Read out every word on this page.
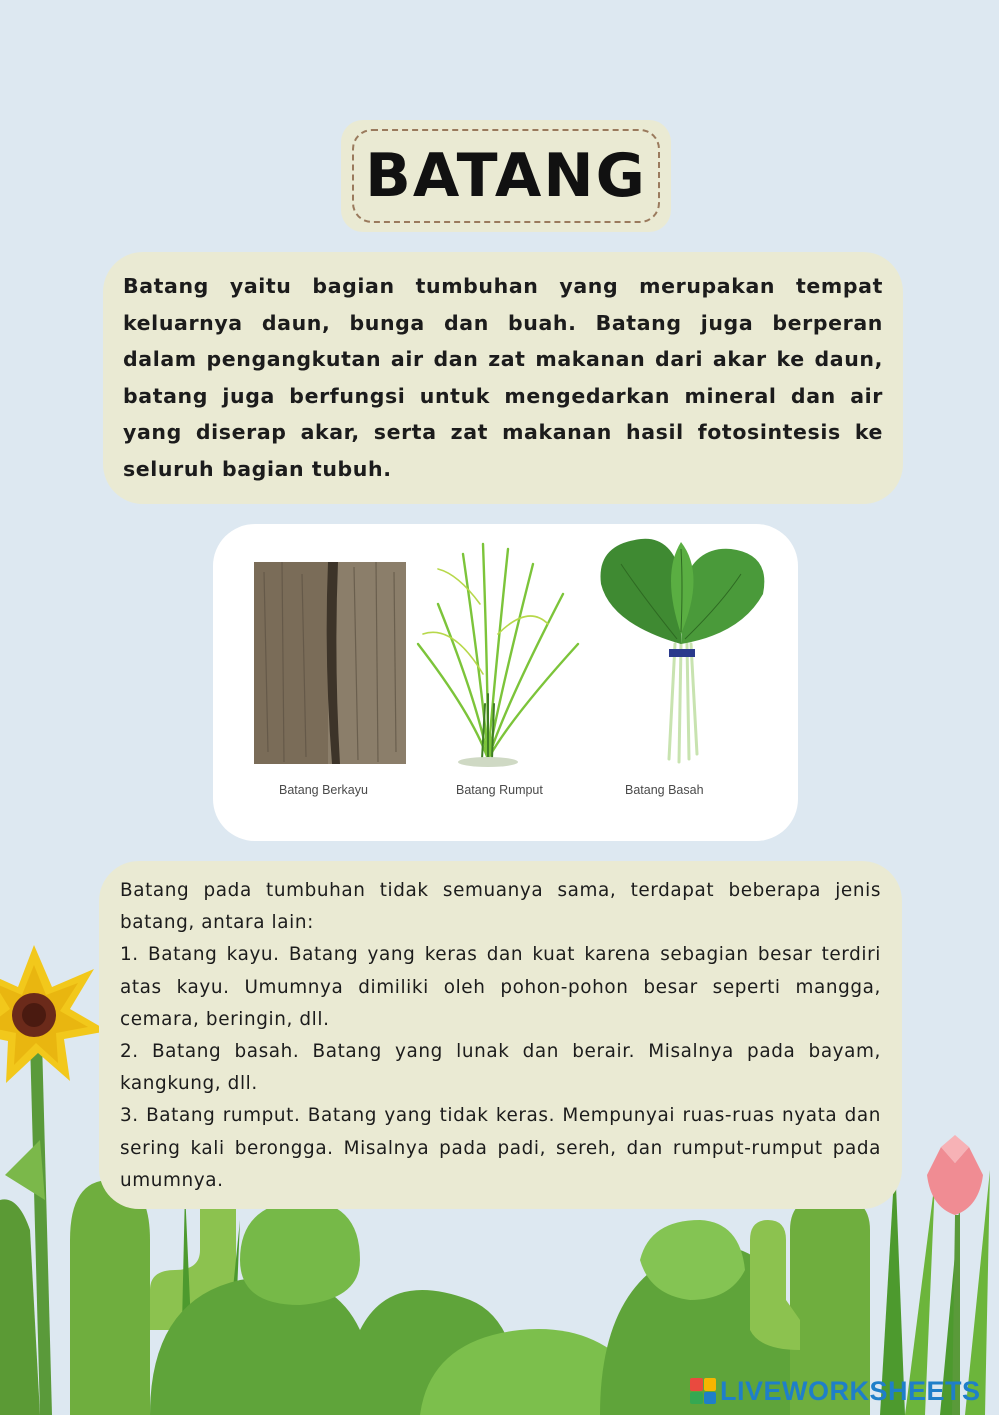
BATANG

Batang yaitu bagian tumbuhan yang merupakan tempat keluarnya daun, bunga dan buah. Batang juga berperan dalam pengangkutan air dan zat makanan dari akar ke daun, batang juga berfungsi untuk mengedarkan mineral dan air yang diserap akar, serta zat makanan hasil fotosintesis ke seluruh bagian tubuh.

Batang Berkayu	Batang Rumput	Batang Basah

Batang pada tumbuhan tidak semuanya sama, terdapat beberapa jenis batang, antara lain:

1. Batang kayu. Batang yang keras dan kuat karena sebagian besar terdiri atas kayu. Umumnya dimiliki oleh pohon-pohon besar seperti mangga, cemara, beringin, dll.

2. Batang basah. Batang yang lunak dan berair. Misalnya pada bayam, kangkung, dll.

3. Batang rumput. Batang yang tidak keras. Mempunyai ruas-ruas nyata dan sering kali berongga. Misalnya pada padi, sereh, dan rumput-rumput pada umumnya.

LIVEWORKSHEETS
